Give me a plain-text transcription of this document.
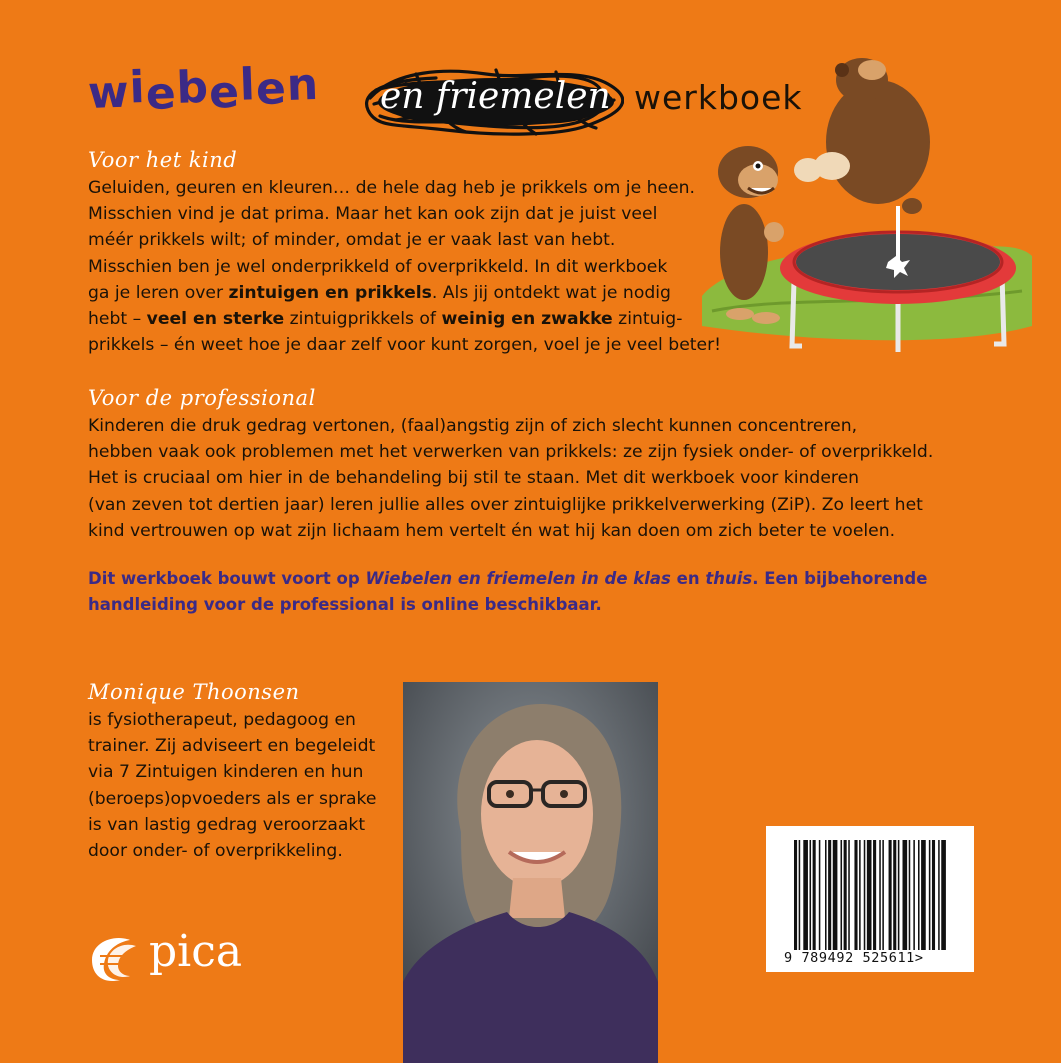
wiebelen en friemelen werkboek
Voor het kind
Geluiden, geuren en kleuren… de hele dag heb je prikkels om je heen.
Misschien vind je dat prima. Maar het kan ook zijn dat je juist veel
méér prikkels wilt; of minder, omdat je er vaak last van hebt.
Misschien ben je wel onderprikkeld of overprikkeld. In dit werkboek
ga je leren over zintuigen en prikkels. Als jij ontdekt wat je nodig
hebt – veel en sterke zintuigprikkels of weinig en zwakke zintuig-
prikkels – én weet hoe je daar zelf voor kunt zorgen, voel je je veel beter!
Voor de professional
Kinderen die druk gedrag vertonen, (faal)angstig zijn of zich slecht kunnen concentreren,
hebben vaak ook problemen met het verwerken van prikkels: ze zijn fysiek onder- of overprikkeld.
Het is cruciaal om hier in de behandeling bij stil te staan. Met dit werkboek voor kinderen
(van zeven tot dertien jaar) leren jullie alles over zintuiglijke prikkelverwerking (ZiP). Zo leert het
kind vertrouwen op wat zijn lichaam hem vertelt én wat hij kan doen om zich beter te voelen.
Dit werkboek bouwt voort op Wiebelen en friemelen in de klas en thuis. Een bijbehorende
handleiding voor de professional is online beschikbaar.
Monique Thoonsen
is fysiotherapeut, pedagoog en
trainer. Zij adviseert en begeleidt
via 7 Zintuigen kinderen en hun
(beroeps)opvoeders als er sprake
is van lastig gedrag veroorzaakt
door onder- of overprikkeling.
pica	9 789492 525611>
